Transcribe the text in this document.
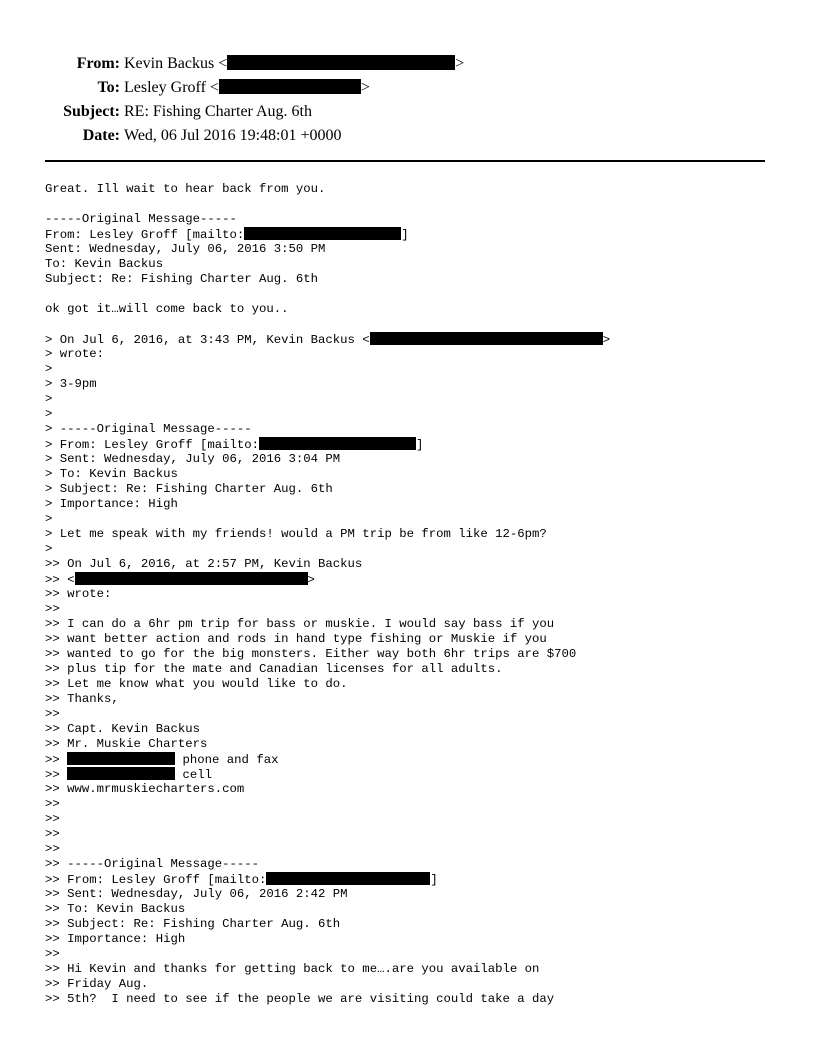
From: Kevin Backus <	>
To: Lesley Groff <	>
Subject: RE: Fishing Charter Aug. 6th
Date: Wed, 06 Jul 2016 19:48:01 +0000
Great. Ill wait to hear back from you.
-----Original Message-----
From: Lesley Groff [mailto:	]
Sent: Wednesday, July 06, 2016 3:50 PM
To: Kevin Backus
Subject: Re: Fishing Charter Aug. 6th
ok got it…will come back to you..
> On Jul 6, 2016, at 3:43 PM, Kevin Backus <	>
> wrote:
>
> 3-9pm
>
>
> -----Original Message-----
> From: Lesley Groff [mailto:	]
> Sent: Wednesday, July 06, 2016 3:04 PM
> To: Kevin Backus
> Subject: Re: Fishing Charter Aug. 6th
> Importance: High
>
> Let me speak with my friends! would a PM trip be from like 12-6pm?
>
>> On Jul 6, 2016, at 2:57 PM, Kevin Backus
>> <	>
>> wrote:
>>
>> I can do a 6hr pm trip for bass or muskie. I would say bass if you
>> want better action and rods in hand type fishing or Muskie if you
>> wanted to go for the big monsters. Either way both 6hr trips are $700
>> plus tip for the mate and Canadian licenses for all adults.
>> Let me know what you would like to do.
>> Thanks,
>>
>> Capt. Kevin Backus
>> Mr. Muskie Charters
>>	phone and fax
>>	cell
>> www.mrmuskiecharters.com
>>
>>
>>
>>
>> -----Original Message-----
>> From: Lesley Groff [mailto:	]
>> Sent: Wednesday, July 06, 2016 2:42 PM
>> To: Kevin Backus
>> Subject: Re: Fishing Charter Aug. 6th
>> Importance: High
>>
>> Hi Kevin and thanks for getting back to me….are you available on
>> Friday Aug.
>> 5th?  I need to see if the people we are visiting could take a day
